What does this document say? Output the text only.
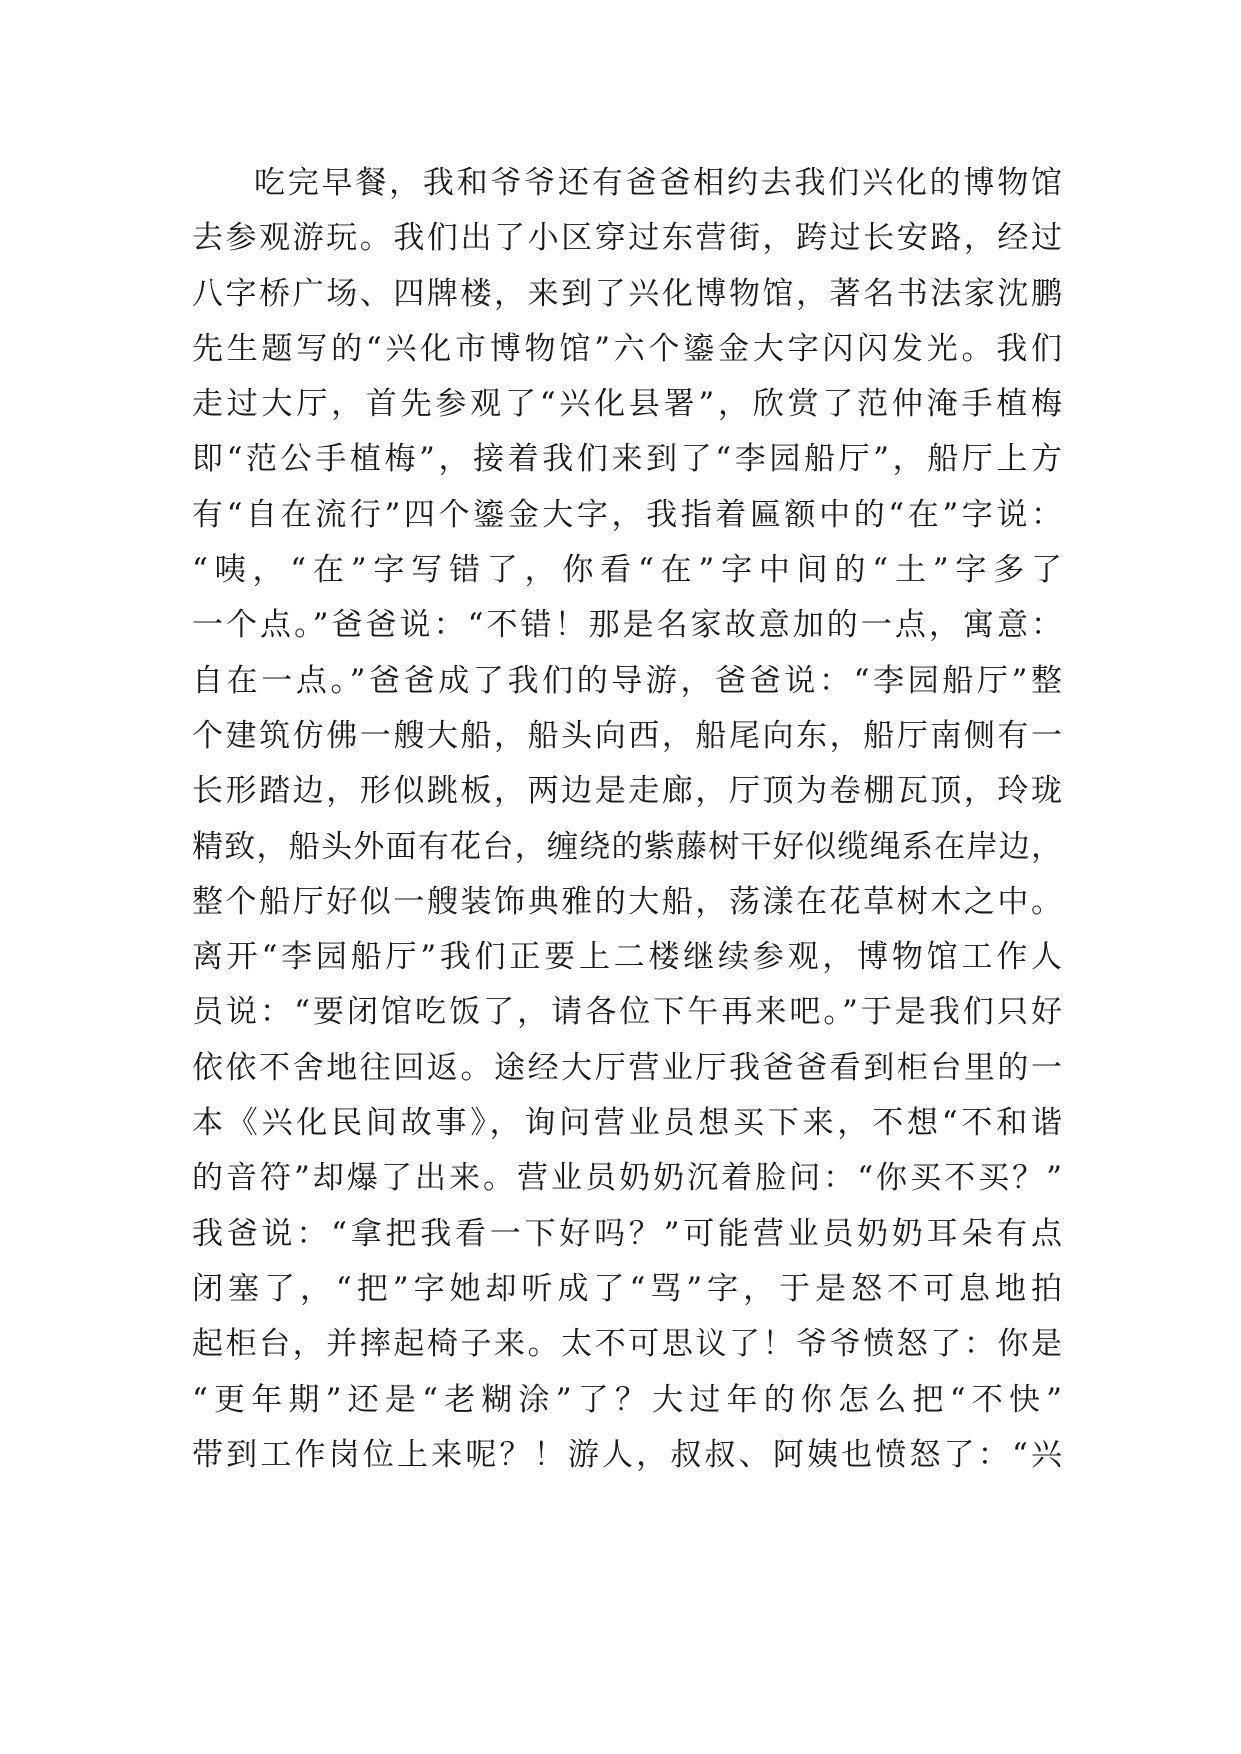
吃完早餐，我和爷爷还有爸爸相约去我们兴化的博物馆
去参观游玩。我们出了小区穿过东营街，跨过长安路，经过
八字桥广场、四牌楼，来到了兴化博物馆，著名书法家沈鹏
先生题写的“兴化市博物馆”六个鎏金大字闪闪发光。我们
走过大厅，首先参观了“兴化县署”，欣赏了范仲淹手植梅
即“范公手植梅”，接着我们来到了“李园船厅”，船厅上方
有“自在流行”四个鎏金大字，我指着匾额中的“在”字说：
“咦，“在”字写错了，你看“在”字中间的“土”字多了
一个点。”爸爸说：“不错！那是名家故意加的一点，寓意：
自在一点。”爸爸成了我们的导游，爸爸说：“李园船厅”整
个建筑仿佛一艘大船，船头向西，船尾向东，船厅南侧有一
长形踏边，形似跳板，两边是走廊，厅顶为卷棚瓦顶，玲珑
精致，船头外面有花台，缠绕的紫藤树干好似缆绳系在岸边，
整个船厅好似一艘装饰典雅的大船，荡漾在花草树木之中。
离开“李园船厅”我们正要上二楼继续参观，博物馆工作人
员说：“要闭馆吃饭了，请各位下午再来吧。”于是我们只好
依依不舍地往回返。途经大厅营业厅我爸爸看到柜台里的一
本《兴化民间故事》，询问营业员想买下来，不想“不和谐
的音符”却爆了出来。营业员奶奶沉着脸问：“你买不买？”
我爸说：“拿把我看一下好吗？”可能营业员奶奶耳朵有点
闭塞了，“把”字她却听成了“骂”字，于是怒不可息地拍
起柜台，并摔起椅子来。太不可思议了！爷爷愤怒了：你是
“更年期”还是“老糊涂”了？大过年的你怎么把“不快”
带到工作岗位上来呢？！游人，叔叔、阿姨也愤怒了：“兴
